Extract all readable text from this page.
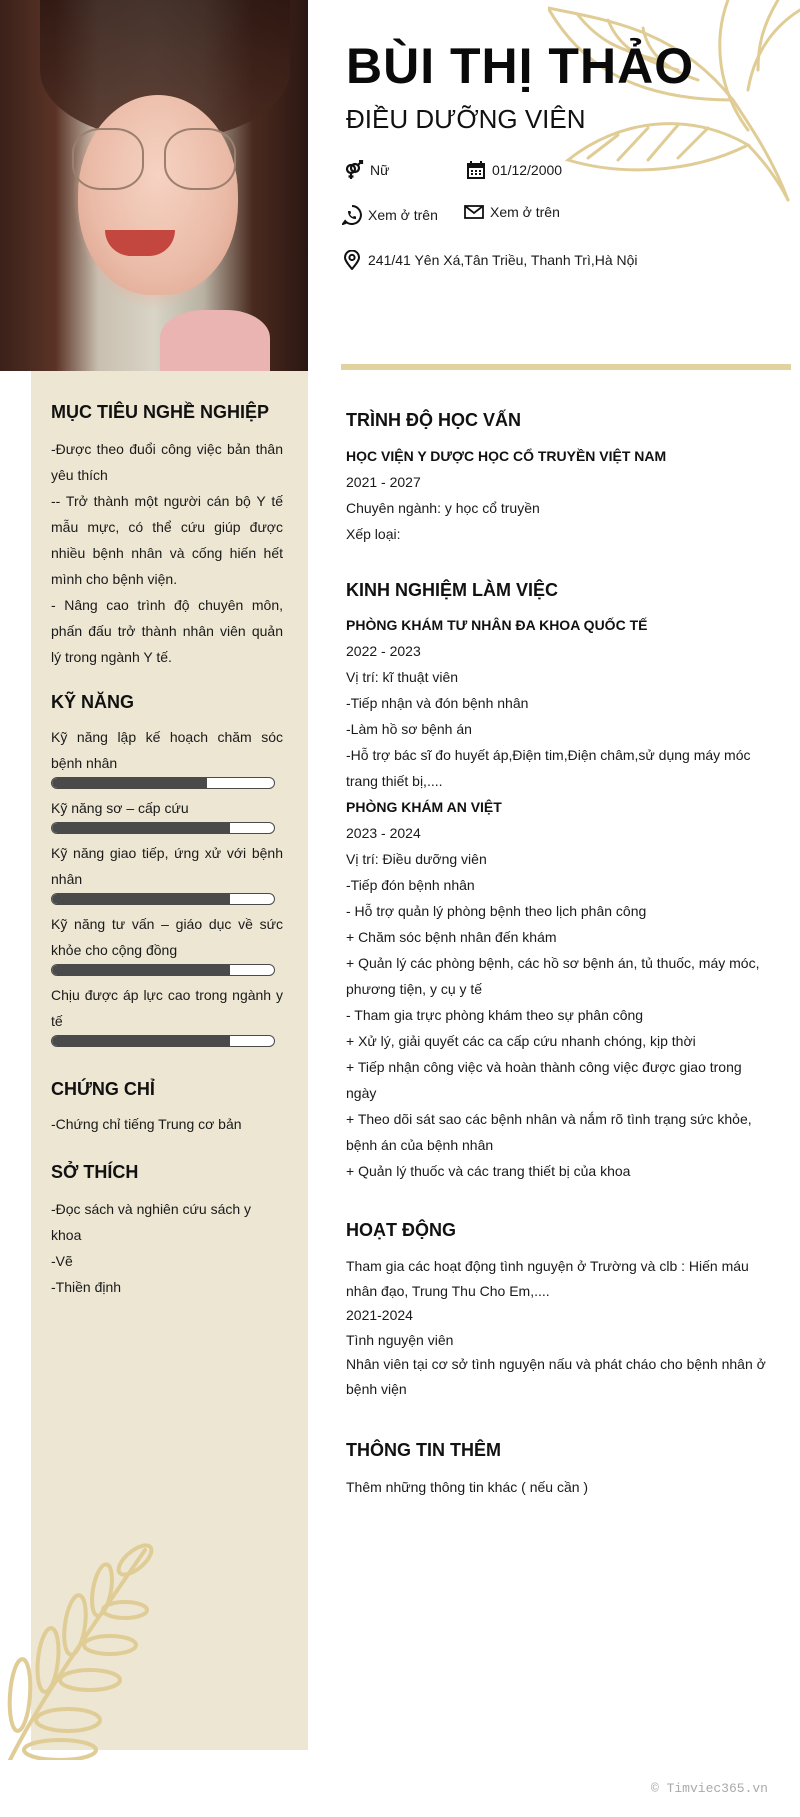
BÙI THỊ THẢO
ĐIỀU DƯỠNG VIÊN
Nữ	01/12/2000
Xem ở trên	Xem ở trên
241/41 Yên Xá,Tân Triều, Thanh Trì,Hà Nội
MỤC TIÊU NGHỀ NGHIỆP
-Được theo đuổi công việc bản thân yêu thích
-- Trở thành một người cán bộ Y tế mẫu mực, có thể cứu giúp được nhiều bệnh nhân và cống hiến hết mình cho bệnh viện.
- Nâng cao trình độ chuyên môn, phấn đấu trở thành nhân viên quản lý trong ngành Y tế.
KỸ NĂNG
Kỹ năng lập kế hoạch chăm sóc bệnh nhân
Kỹ năng sơ – cấp cứu
Kỹ năng giao tiếp, ứng xử với bệnh nhân
Kỹ năng tư vấn – giáo dục về sức khỏe cho cộng đồng
Chịu được áp lực cao trong ngành y tế
CHỨNG CHỈ
-Chứng chỉ tiếng Trung cơ bản
SỞ THÍCH
-Đọc sách và nghiên cứu sách y khoa
-Vẽ
-Thiền định
TRÌNH ĐỘ HỌC VẤN
HỌC VIỆN Y DƯỢC HỌC CỔ TRUYỀN VIỆT NAM
2021 - 2027
Chuyên ngành: y học cổ truyền
Xếp loại:
KINH NGHIỆM LÀM VIỆC
PHÒNG KHÁM TƯ NHÂN ĐA KHOA QUỐC TẾ
2022 - 2023
Vị trí: kĩ thuật viên
-Tiếp nhận và đón bệnh nhân
-Làm hồ sơ bệnh án
-Hỗ trợ bác sĩ đo huyết áp,Điện tim,Điện châm,sử dụng máy móc trang thiết bị,....
PHÒNG KHÁM AN VIỆT
2023 - 2024
Vị trí: Điều dưỡng viên
-Tiếp đón bệnh nhân
- Hỗ trợ quản lý phòng bệnh theo lịch phân công
+ Chăm sóc bệnh nhân đến khám
+ Quản lý các phòng bệnh, các hồ sơ bệnh án, tủ thuốc, máy móc, phương tiện, y cụ y tế
- Tham gia trực phòng khám theo sự phân công
+ Xử lý, giải quyết các ca cấp cứu nhanh chóng, kịp thời
+ Tiếp nhận công việc và hoàn thành công việc được giao trong ngày
+ Theo dõi sát sao các bệnh nhân và nắm rõ tình trạng sức khỏe, bệnh án của bệnh nhân
+ Quản lý thuốc và các trang thiết bị của khoa
HOẠT ĐỘNG
Tham gia các hoạt động tình nguyện ở Trường và clb : Hiến máu nhân đạo, Trung Thu Cho Em,....
2021-2024
Tình nguyện viên
Nhân viên tại cơ sở tình nguyện nấu và phát cháo cho bệnh nhân ở bệnh viện
THÔNG TIN THÊM
Thêm những thông tin khác ( nếu cần )
© Timviec365.vn
